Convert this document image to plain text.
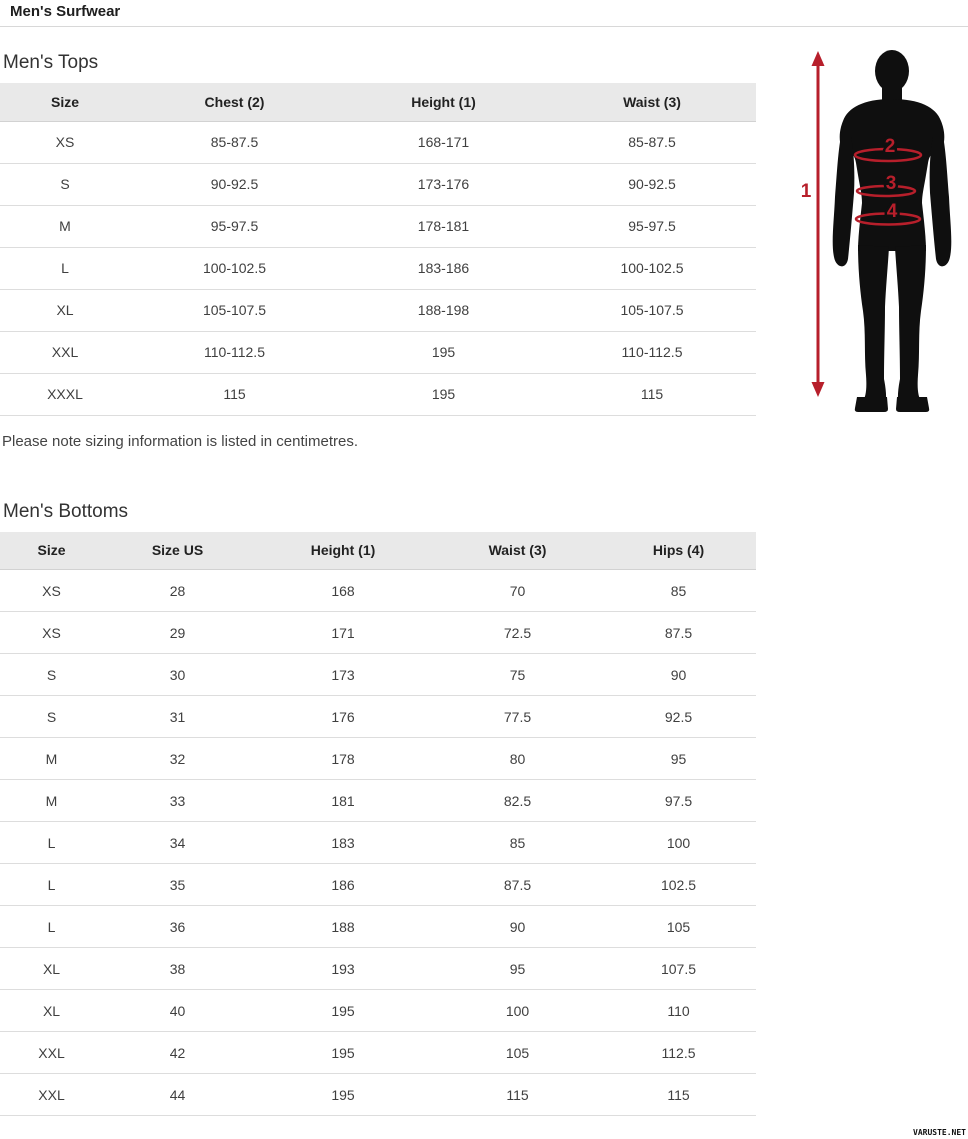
Men's Surfwear
Men's Tops
Size	Chest (2)	Height (1)	Waist (3)
XS	85-87.5	168-171	85-87.5
S	90-92.5	173-176	90-92.5
M	95-97.5	178-181	95-97.5
L	100-102.5	183-186	100-102.5
XL	105-107.5	188-198	105-107.5
XXL	110-112.5	195	110-112.5
XXXL	115	195	115

Please note sizing information is listed in centimetres.

Men's Bottoms
Size	Size US	Height (1)	Waist (3)	Hips (4)
XS	28	168	70	85
XS	29	171	72.5	87.5
S	30	173	75	90
S	31	176	77.5	92.5
M	32	178	80	95
M	33	181	82.5	97.5
L	34	183	85	100
L	35	186	87.5	102.5
L	36	188	90	105
XL	38	193	95	107.5
XL	40	195	100	110
XXL	42	195	105	112.5
XXL	44	195	115	115
1
2
3
4
VARUSTE.NET
